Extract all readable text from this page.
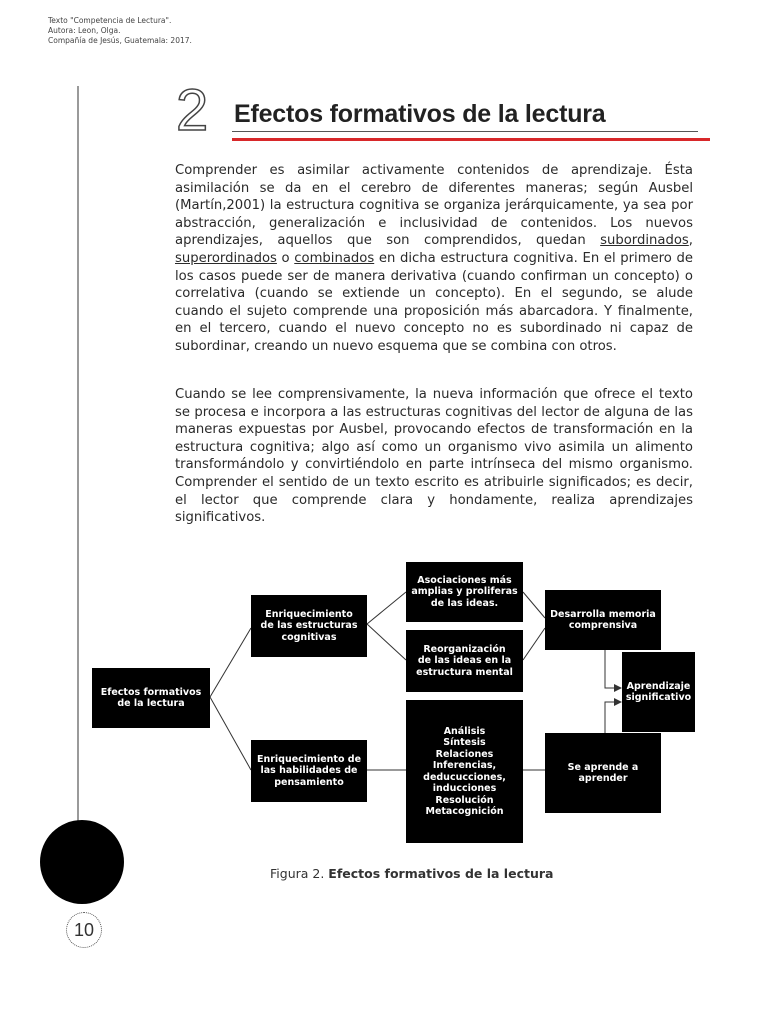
Texto "Competencia de Lectura".
Autora: Leon, Olga.
Compañía de Jesús, Guatemala: 2017.
10
2 Efectos formativos de la lectura

Comprender es asimilar activamente contenidos de aprendizaje. Ésta asimilación se da en el cerebro de diferentes maneras; según Ausbel (Martín,2001) la estructura cognitiva se organiza jerárquicamente, ya sea por abstracción, generalización e inclusividad de contenidos. Los nuevos aprendizajes, aquellos que son comprendidos, quedan subordinados, superordinados o combinados en dicha estructura cognitiva. En el primero de los casos puede ser de manera derivativa (cuando confirman un concepto) o correlativa (cuando se extiende un concepto). En el segundo, se alude cuando el sujeto comprende una proposición más abarcadora. Y finalmente, en el tercero, cuando el nuevo concepto no es subordinado ni capaz de subordinar, creando un nuevo esquema que se combina con otros.

Cuando se lee comprensivamente, la nueva información que ofrece el texto se procesa e incorpora a las estructuras cognitivas del lector de alguna de las maneras expuestas por Ausbel, provocando efectos de transformación en la estructura cognitiva; algo así como un organismo vivo asimila un alimento transformándolo y convirtiéndolo en parte intrínseca del mismo organismo. Comprender el sentido de un texto escrito es atribuirle significados; es decir, el lector que comprende clara y hondamente, realiza aprendizajes significativos.

Efectos formativos
de la lectura
Enriquecimiento
de las estructuras
cognitivas
Enriquecimiento de
las habilidades de
pensamiento
Asociaciones más
amplias y proliferas
de las ideas.
Reorganización
de las ideas en la
estructura mental
Análisis
Síntesis
Relaciones
Inferencias,
deducucciones,
inducciones
Resolución
Metacognición
Desarrolla memoria
comprensiva
Aprendizaje
significativo
Se aprende a
aprender
Figura 2. Efectos formativos de la lectura
